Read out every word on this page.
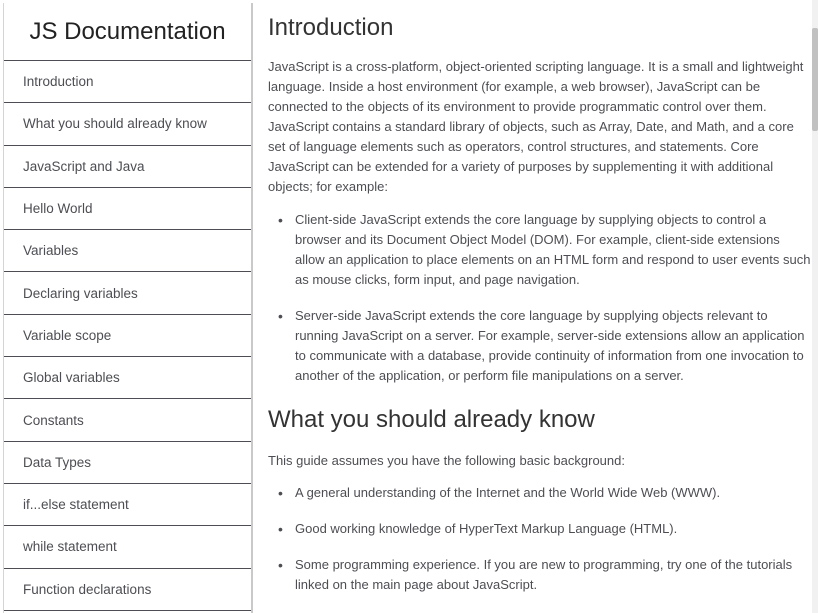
JS Documentation
Introduction
What you should already know
JavaScript and Java
Hello World
Variables
Declaring variables
Variable scope
Global variables
Constants
Data Types
if...else statement
while statement
Function declarations
Introduction

JavaScript is a cross-platform, object-oriented scripting language. It is a small and lightweight language. Inside a host environment (for example, a web browser), JavaScript can be connected to the objects of its environment to provide programmatic control over them. JavaScript contains a standard library of objects, such as Array, Date, and Math, and a core set of language elements such as operators, control structures, and statements. Core JavaScript can be extended for a variety of purposes by supplementing it with additional objects; for example:

• Client-side JavaScript extends the core language by supplying objects to control a browser and its Document Object Model (DOM). For example, client-side extensions allow an application to place elements on an HTML form and respond to user events such as mouse clicks, form input, and page navigation.
• Server-side JavaScript extends the core language by supplying objects relevant to running JavaScript on a server. For example, server-side extensions allow an application to communicate with a database, provide continuity of information from one invocation to another of the application, or perform file manipulations on a server.
What you should already know

This guide assumes you have the following basic background:

• A general understanding of the Internet and the World Wide Web (WWW).
• Good working knowledge of HyperText Markup Language (HTML).
• Some programming experience. If you are new to programming, try one of the tutorials linked on the main page about JavaScript.
